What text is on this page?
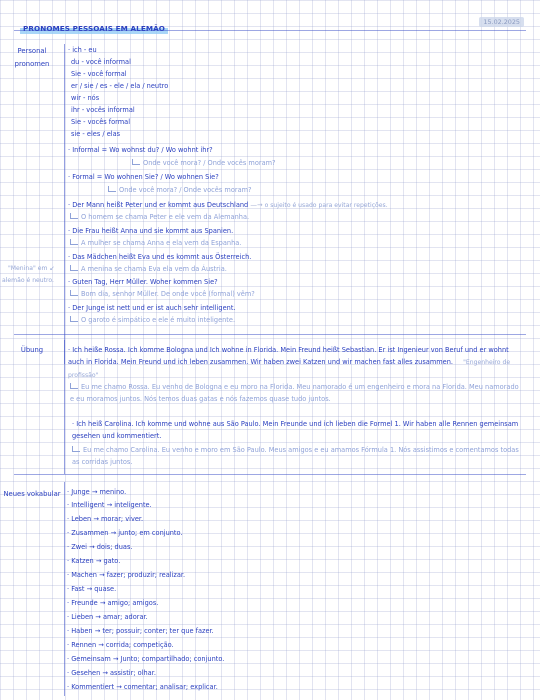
PRONOMES PESSOAIS EM ALEMÃO
15.02.2025
Personal pronomen
· ich - eu
du - você informal
Sie - você formal
er / sie / es - ele / ela / neutro
wir - nós
ihr - vocês informal
Sie - vocês formal
sie - eles / elas
· Informal = Wo wohnst du? / Wo wohnt ihr?
Onde você mora? / Onde vocês moram?
· Formal = Wo wohnen Sie? / Wo wohnen Sie?
Onde você mora? / Onde vocês moram?
· Der Mann heißt Peter und er kommt aus Deutschland —→ o sujeito é usado para evitar repetições.
O homem se chama Peter e ele vem da Alemanha.
· Die Frau heißt Anna und sie kommt aus Spanien.
A mulher se chama Anna e ela vem da Espanha.
· Das Mädchen heißt Eva und es kommt aus Österreich.
A menina se chama Eva ela vem da Áustria.
"Menina" em ↙
alemão é neutro. · Guten Tag, Herr Müller. Woher kommen Sie?
Bom dia, senhor Müller. De onde você (formal) vêm?
· Der Junge ist nett und er ist auch sehr intelligent.
O garoto é simpático e ele é muito inteligente.
Übung	· Ich heiße Rossa. Ich komme Bologna und Ich wohne in Florida. Mein Freund heißt Sebastian. Er ist Ingenieur von Beruf und er wohnt auch in Florida. Mein Freund und ich leben zusammen. Wir haben zwei Katzen und wir machen fast alles zusammen. "Engenheiro de profissão"
Eu me chamo Rossa. Eu venho de Bologna e eu moro na Florida. Meu namorado é um engenheiro e mora na Florida. Meu namorado e eu moramos juntos. Nós temos duas gatas e nós fazemos quase tudo juntos.
· Ich heiß Carolina. Ich komme und wohne aus São Paulo. Mein Freunde und ich lieben die Formel 1. Wir haben alle Rennen gemeinsam gesehen und kommentiert.
Eu me chamo Carolina. Eu venho e moro em São Paulo. Meus amigos e eu amamos Fórmula 1. Nós assistimos e comentamos todas as corridas juntos.
Neues vokabular · Junge → menino.
· Intelligent → inteligente.
· Leben → morar; viver.
· Zusammen → junto; em conjunto.
· Zwei → dois; duas.
· Katzen → gato.
· Machen → fazer; produzir; realizar.
· Fast → quase.
· Freunde → amigo; amigos.
· Lieben → amar; adorar.
· Haben → ter; possuir; conter; ter que fazer.
· Rennen → corrida; competição.
· Gemeinsam → Junto; compartilhado; conjunto.
· Gesehen → assistir; olhar.
· Kommentiert → comentar; analisar; explicar.
